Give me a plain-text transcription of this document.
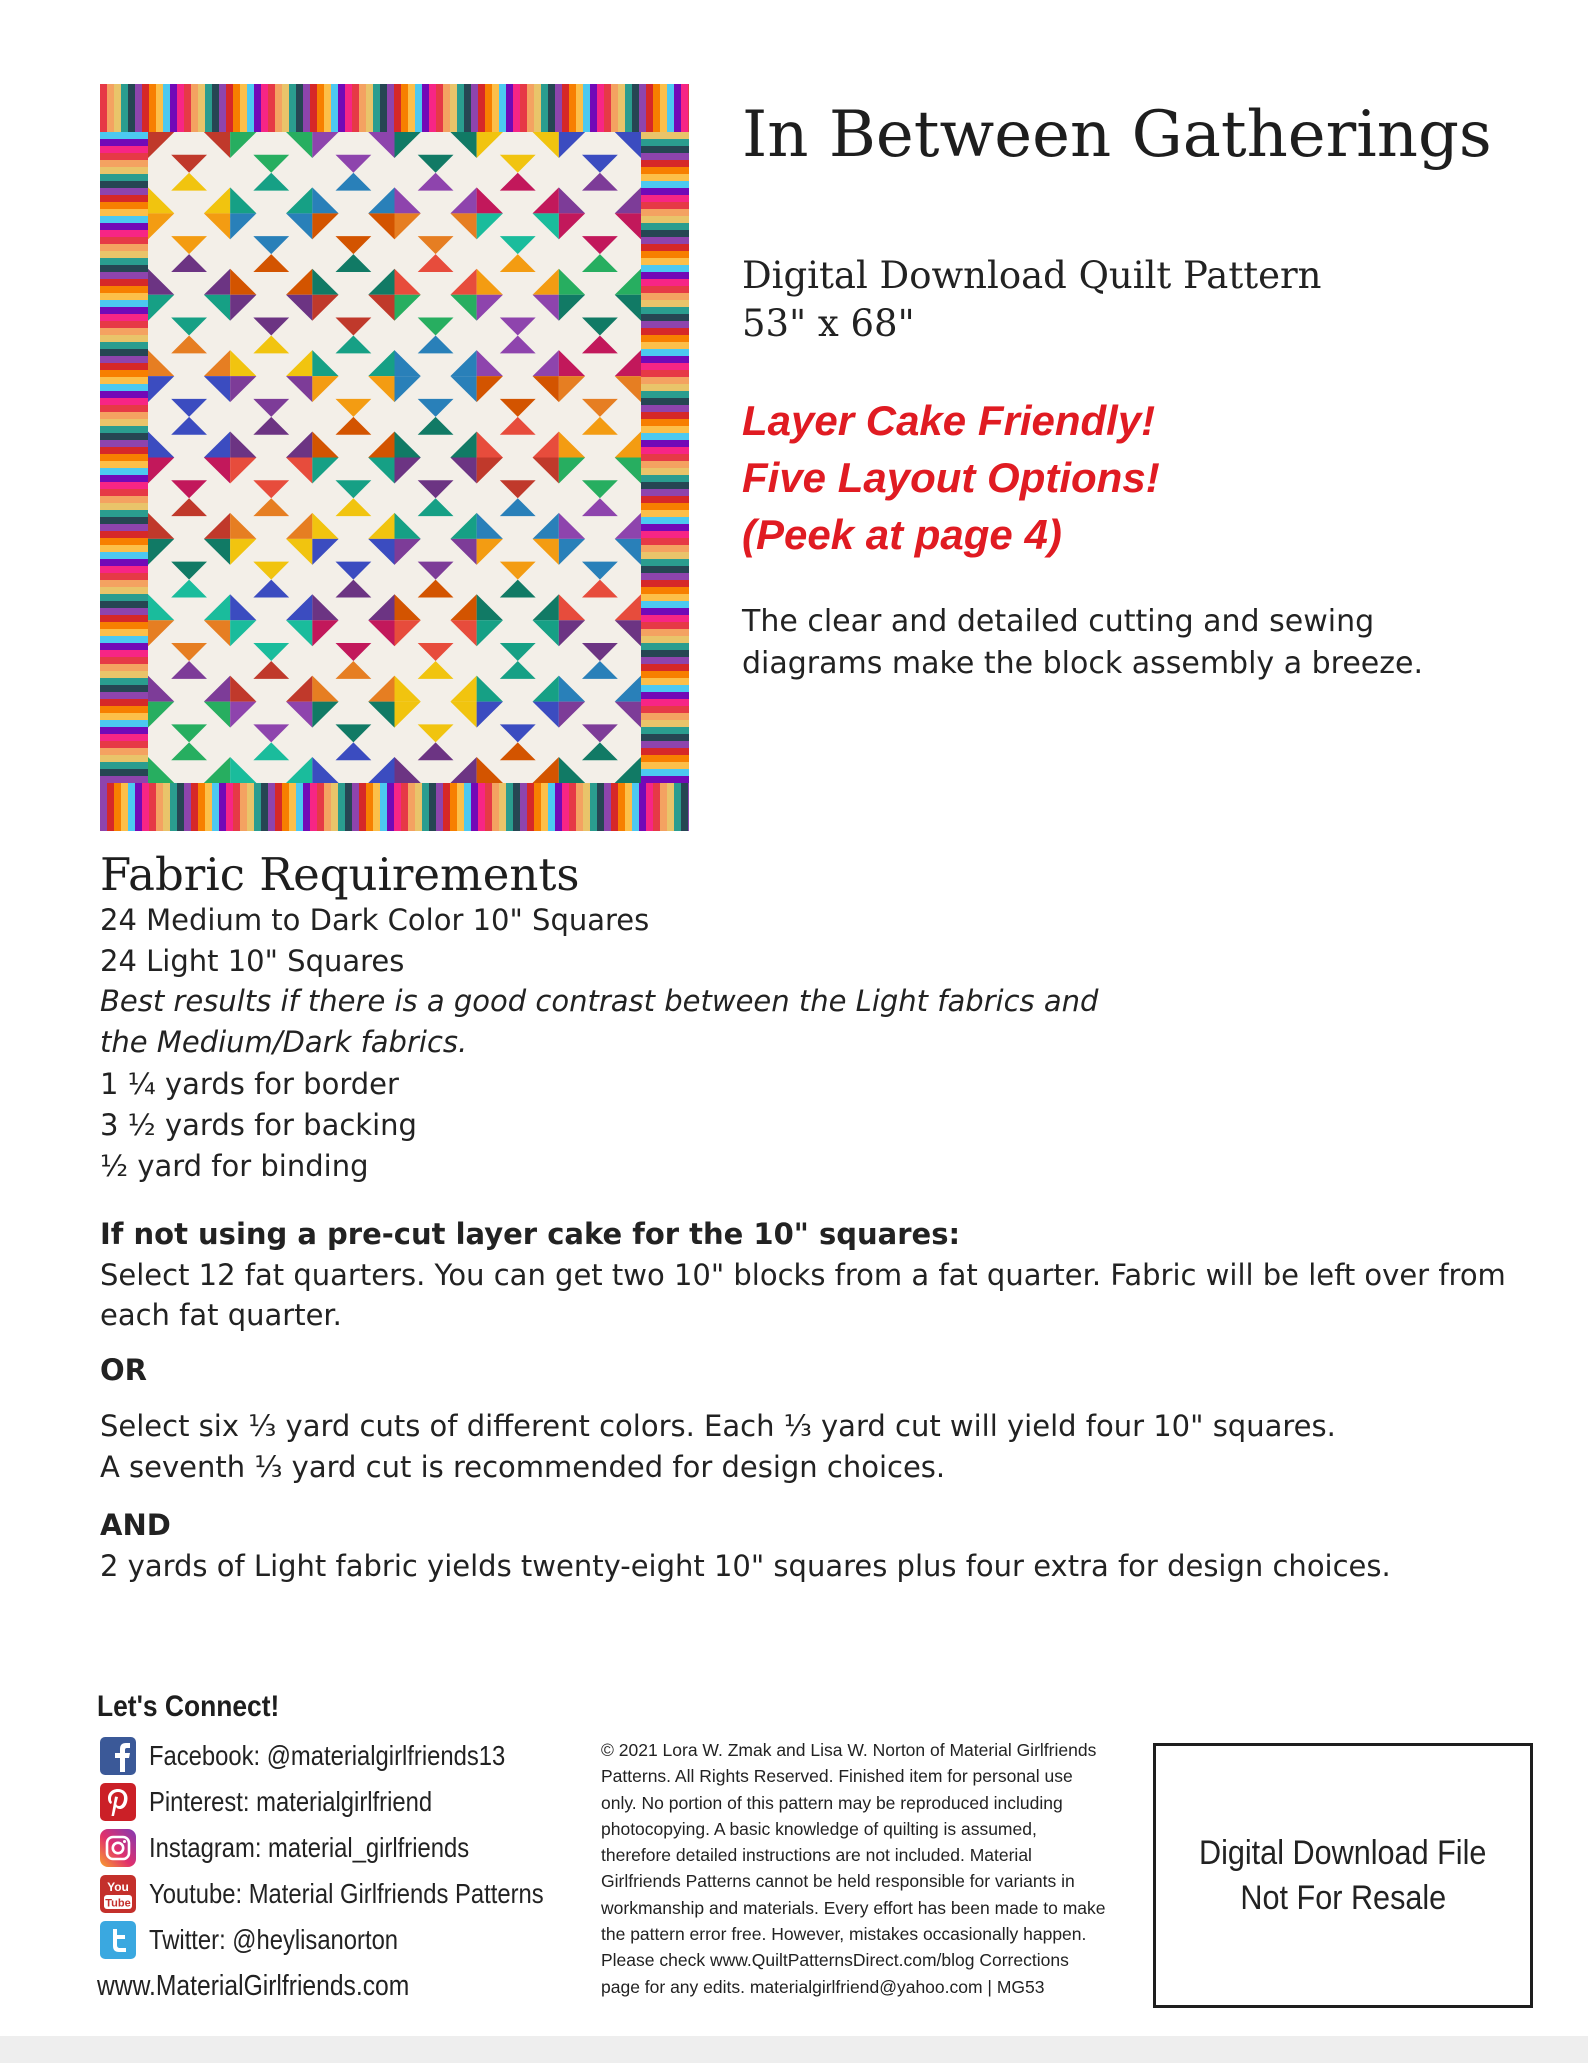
In Between Gatherings
Digital Download Quilt Pattern
53" x 68"
Layer Cake Friendly!
Five Layout Options!
(Peek at page 4)
The clear and detailed cutting and sewing diagrams make the block assembly a breeze.
Fabric Requirements
24 Medium to Dark Color 10" Squares
24 Light 10" Squares
Best results if there is a good contrast between the Light fabrics and
the Medium/Dark fabrics.
1 ¼ yards for border
3 ½ yards for backing
½ yard for binding
If not using a pre-cut layer cake for the 10" squares:
Select 12 fat quarters. You can get two 10" blocks from a fat quarter. Fabric will be left over from
each fat quarter.
OR
Select six ⅓ yard cuts of different colors. Each ⅓ yard cut will yield four 10" squares.
A seventh ⅓ yard cut is recommended for design choices.
AND
2 yards of Light fabric yields twenty-eight 10" squares plus four extra for design choices.
Let's Connect!
Facebook: @materialgirlfriends13
Pinterest: materialgirlfriend
Instagram: material_girlfriends
You
Tube Youtube: Material Girlfriends Patterns
Twitter: @heylisanorton
www.MaterialGirlfriends.com
© 2021 Lora W. Zmak and Lisa W. Norton of Material Girlfriends
Patterns. All Rights Reserved. Finished item for personal use
only. No portion of this pattern may be reproduced including
photocopying. A basic knowledge of quilting is assumed,
therefore detailed instructions are not included. Material
Girlfriends Patterns cannot be held responsible for variants in
workmanship and materials. Every effort has been made to make
the pattern error free. However, mistakes occasionally happen.
Please check www.QuiltPatternsDirect.com/blog Corrections
page for any edits. materialgirlfriend@yahoo.com | MG53
Digital Download File
Not For Resale
